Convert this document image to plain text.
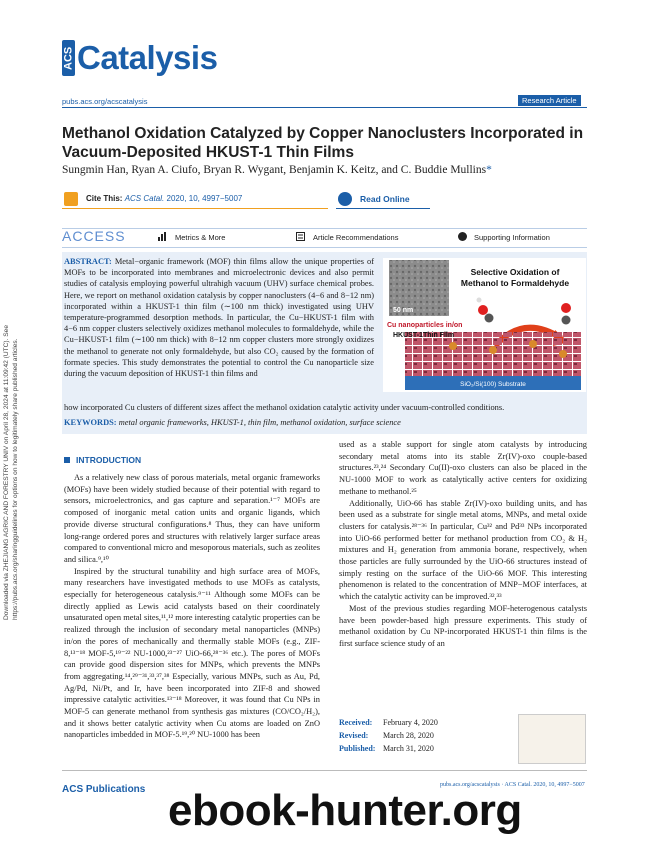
Downloaded via ZHEJIANG AGRIC AND FORESTRY UNIV on April 28, 2024 at 11:09:42 (UTC). See https://pubs.acs.org/sharingguidelines for options on how to legitimately share published articles.
ACS Catalysis
pubs.acs.org/acscatalysis	Research Article
Methanol Oxidation Catalyzed by Copper Nanoclusters Incorporated in Vacuum-Deposited HKUST-1 Thin Films
Sungmin Han, Ryan A. Ciufo, Bryan R. Wygant, Benjamin K. Keitz, and C. Buddie Mullins*
Cite This: ACS Catal. 2020, 10, 4997−5007	Read Online
ACCESS	Metrics & More	Article Recommendations	Supporting Information
ABSTRACT: Metal−organic framework (MOF) thin films allow the unique properties of MOFs to be incorporated into membranes and microelectronic devices and also permit studies of catalysis employing powerful ultrahigh vacuum (UHV) surface chemical probes. Here, we report on methanol oxidation catalysis by copper nanoclusters (4−6 and 8−12 nm) incorporated within a HKUST-1 thin film (∼100 nm thick) investigated using UHV temperature-programmed desorption methods. In particular, the Cu−HKUST-1 film with 4−6 nm copper clusters selectively oxidizes methanol molecules to formaldehyde, while the Cu−HKUST-1 film (∼100 nm thick) with 8−12 nm copper clusters more strongly oxidizes the methanol to generate not only formaldehyde, but also CO₂ caused by the formation of formate species. This study demonstrates the potential to control the Cu nanoparticle size during the vacuum deposition of HKUST-1 thin films and
how incorporated Cu clusters of different sizes affect the methanol oxidation catalytic activity under vacuum-controlled conditions.
KEYWORDS: metal organic frameworks, HKUST-1, thin film, methanol oxidation, surface science
50 nm
Selective Oxidation of
Methanol to Formaldehyde
SiO₂/Si(100) Substrate
Cu nanoparticles in/on
HKUST-1Thin Film
INTRODUCTION

As a relatively new class of porous materials, metal organic frameworks (MOFs) have been widely studied because of their potential with regard to sensors, microelectronics, and gas capture and separation.¹⁻⁷ MOFs are composed of inorganic metal cation units and organic ligands, which provide diverse structural configurations.⁸ Thus, they can have uniform long-range ordered pores and structures with relatively larger surface areas compared to conventional micro and mesoporous materials, such as zeolites and silica.⁹,¹⁰

Inspired by the structural tunability and high surface area of MOFs, many researchers have investigated methods to use MOFs as catalysts, especially for heterogeneous catalysis.⁹⁻¹¹ Although some MOFs can be directly applied as Lewis acid catalysts based on their coordinately unsaturated open metal sites,¹¹,¹² more interesting catalytic properties can be realized through the inclusion of secondary metal nanoparticles (MNPs) in/on the pores of mechanically and thermally stable MOFs (e.g., ZIF-8,¹³⁻¹⁸ MOF-5,¹⁹⁻²² NU-1000,²³⁻²⁷ UiO-66,²⁸⁻³⁶ etc.). The pores of MOFs can provide good dispersion sites for MNPs, which prevents the MNPs from aggregating.¹⁴,²⁹⁻³¹,³³,³⁷,³⁸ Especially, various MNPs, such as Au, Pd, Ag/Pd, Ni/Pt, and Ir, have been incorporated into ZIF-8 and showed impressive catalytic activities.¹³⁻¹⁸ Moreover, it was found that Cu NPs in MOF-5 can generate methanol from synthesis gas mixtures (CO/CO₂/H₂), and it shows better catalytic activity when Cu atoms are loaded on ZnO nanoparticles imbedded in MOF-5.¹⁹,²⁰ NU-1000 has been

used as a stable support for single atom catalysts by introducing secondary metal atoms into its stable Zr(IV)-oxo couple-based structures.²³,²⁴ Secondary Cu(II)-oxo clusters can also be placed in the NU-1000 MOF to work as catalytically active centers for oxidizing methane to methanol.²⁵

Additionally, UiO-66 has stable Zr(IV)-oxo building units, and has been used as a substrate for single metal atoms, MNPs, and metal oxide clusters for catalysis.²⁸⁻³⁶ In particular, Cu³² and Pd³³ NPs incorporated into UiO-66 performed better for methanol production from CO₂ & H₂ mixtures and H₂ generation from ammonia borane, respectively, when those particles are fully surrounded by the UiO-66 structures instead of simply resting on the surface of the UiO-66 MOF. This interesting phenomenon is related to the concentration of MNP−MOF interfaces, at which the catalytic activity can be improved.³²,³³

Most of the previous studies regarding MOF-heterogenous catalysts have been powder-based high pressure experiments. This study of methanol oxidation by Cu NP-incorporated HKUST-1 thin films is the first surface science study of an

Received: February 4, 2020
Revised: March 28, 2020
Published: March 31, 2020
ACS Publications	pubs.acs.org/acscatalysis · ACS Catal. 2020, 10, 4997−5007
ebook-hunter.org
